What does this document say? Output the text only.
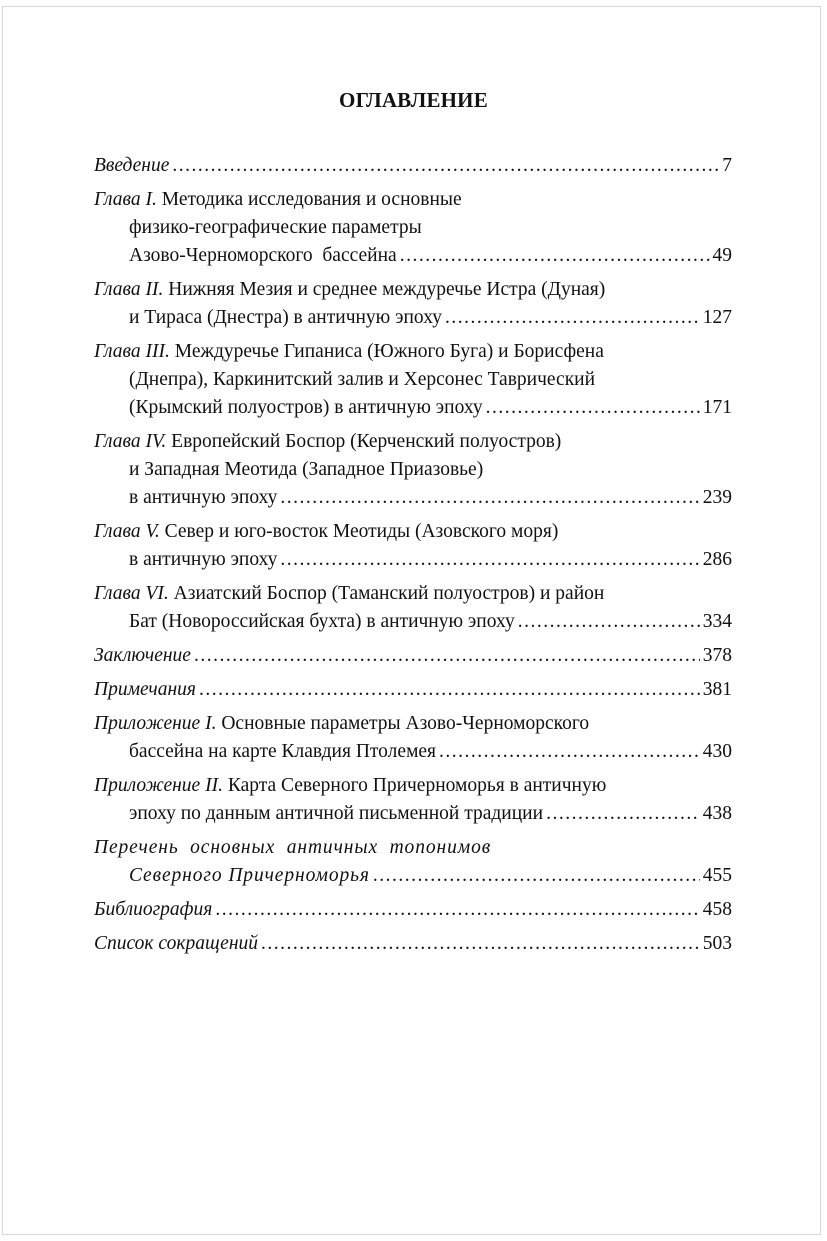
ОГЛАВЛЕНИЕ
Введение .....	7
Глава I. Методика исследования и основные
физико-географические параметры
Азово-Черноморского  бассейна .....	49
Глава II. Нижняя Мезия и среднее междуречье Истра (Дуная)
и Тираса (Днестра) в античную эпоху .....	127
Глава III. Междуречье Гипаниса (Южного Буга) и Борисфена
(Днепра), Каркинитский залив и Херсонес Таврический
(Крымский полуостров) в античную эпоху .....	171
Глава IV. Европейский Боспор (Керченский полуостров)
и Западная Меотида (Западное Приазовье)
в античную эпоху .....	239
Глава V. Север и юго-восток Меотиды (Азовского моря)
в античную эпоху .....	286
Глава VI. Азиатский Боспор (Таманский полуостров) и район
Бат (Новороссийская бухта) в античную эпоху .....	334
Заключение .....	378
Примечания .....	381
Приложение I. Основные параметры Азово-Черноморского
бассейна на карте Клавдия Птолемея .....	430
Приложение II. Карта Северного Причерноморья в античную
эпоху по данным античной письменной традиции .....	438
Перечень  основных  античных  топонимов
Северного Причерноморья .....	455
Библиография .....	458
Список сокращений .....	503
